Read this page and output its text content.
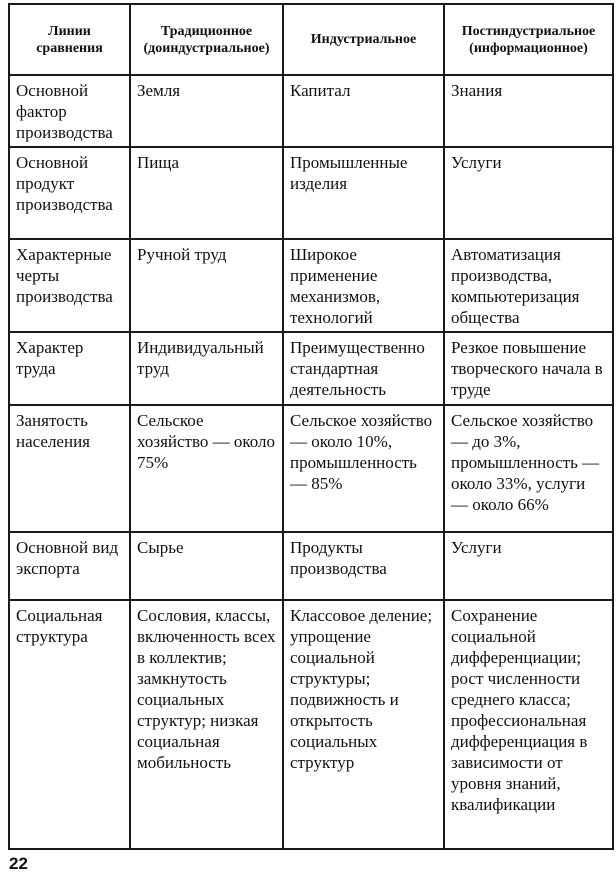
Линии сравнения	Традиционное (доиндустриальное)	Индустриальное	Постиндустриальное (информационное)
Основной фактор производства	Земля	Капитал	Знания
Основной продукт производства	Пища	Промышленные изделия	Услуги
Характерные черты производства	Ручной труд	Широкое применение механизмов, технологий	Автоматизация производства, компьютеризация общества
Характер труда	Индивидуальный труд	Преимущественно стандартная деятельность	Резкое повышение творческого начала в труде
Занятость населения	Сельское хозяйство — около 75%	Сельское хозяйство — около 10%, промышленность — 85%	Сельское хозяйство — до 3%, промышленность — около 33%, услуги — около 66%
Основной вид экспорта	Сырье	Продукты производства	Услуги
Социальная структура	Сословия, классы, включенность всех в коллектив; замкнутость социальных структур; низкая социальная мобильность	Классовое деление; упрощение социальной структуры; подвижность и открытость социальных структур	Сохранение социальной дифференциации; рост численности среднего класса; профессиональная дифференциация в зависимости от уровня знаний, квалификации
22
